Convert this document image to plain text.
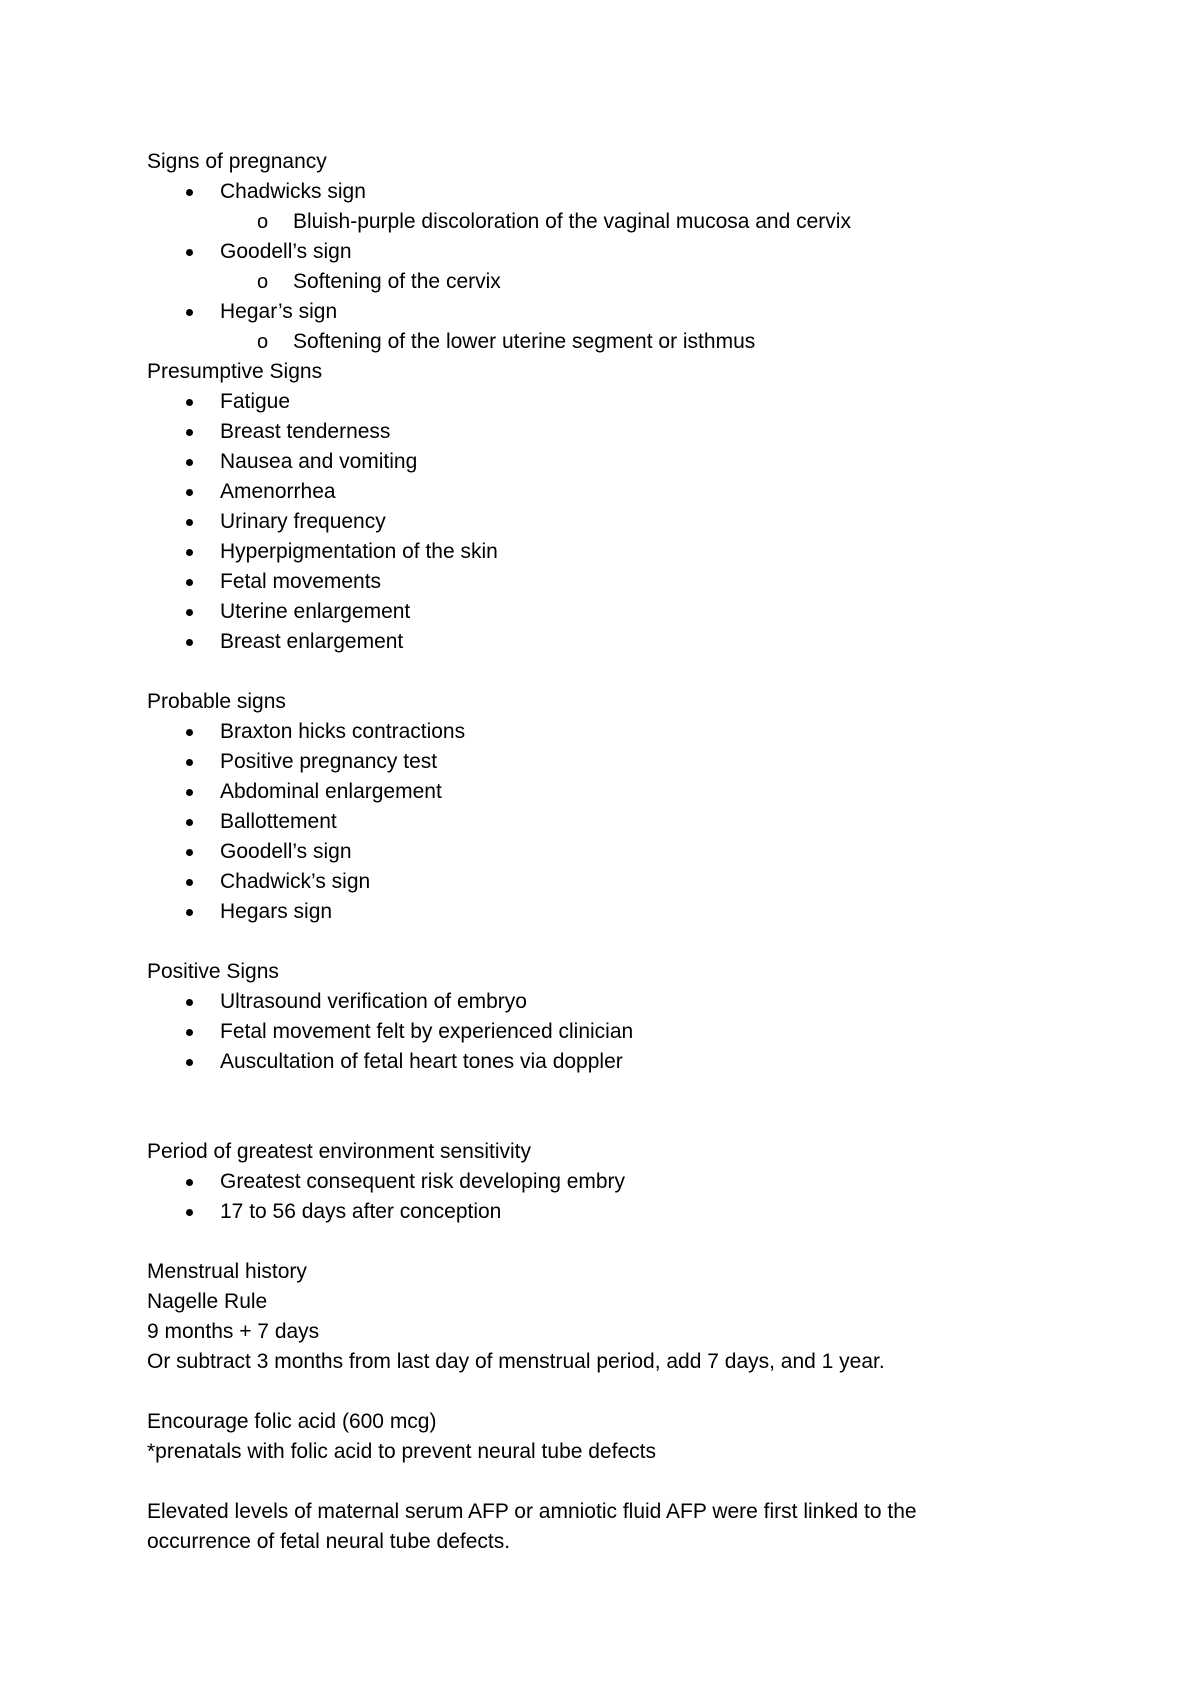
Signs of pregnancy
Chadwicks sign
o Bluish-purple discoloration of the vaginal mucosa and cervix
Goodell’s sign
o Softening of the cervix
Hegar’s sign
o Softening of the lower uterine segment or isthmus
Presumptive Signs
Fatigue
Breast tenderness
Nausea and vomiting
Amenorrhea
Urinary frequency
Hyperpigmentation of the skin
Fetal movements
Uterine enlargement
Breast enlargement
Probable signs
Braxton hicks contractions
Positive pregnancy test
Abdominal enlargement
Ballottement
Goodell’s sign
Chadwick’s sign
Hegars sign
Positive Signs
Ultrasound verification of embryo
Fetal movement felt by experienced clinician
Auscultation of fetal heart tones via doppler
Period of greatest environment sensitivity
Greatest consequent risk developing embry
17 to 56 days after conception
Menstrual history
Nagelle Rule
9 months + 7 days
Or subtract 3 months from last day of menstrual period, add 7 days, and 1 year.
Encourage folic acid (600 mcg)
*prenatals with folic acid to prevent neural tube defects
Elevated levels of maternal serum AFP or amniotic fluid AFP were first linked to the
occurrence of fetal neural tube defects.
